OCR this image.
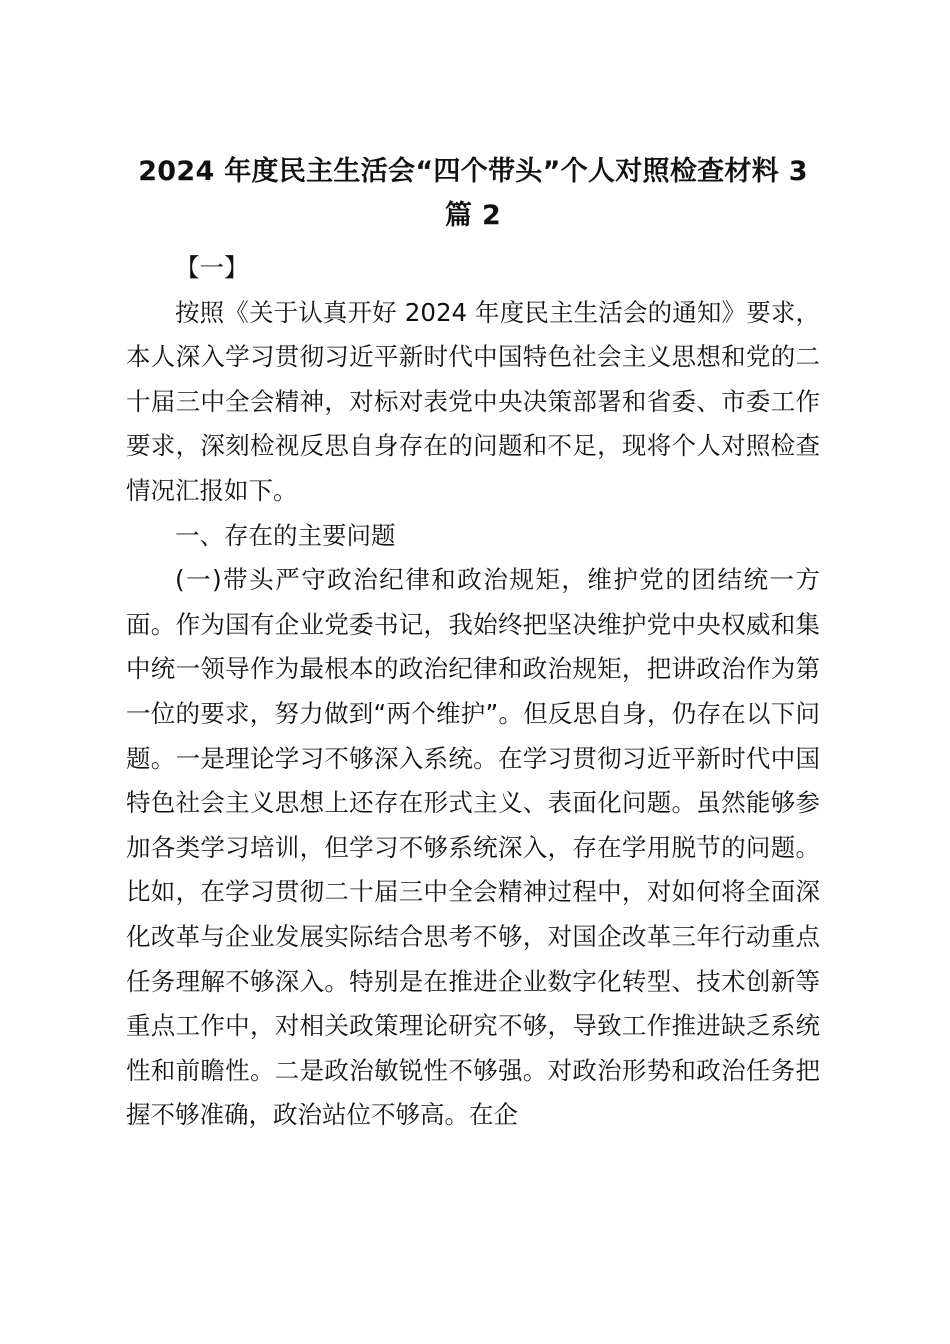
2024 年度民主生活会“四个带头”个人对照检查材料 3
篇 2

【一】

按照《关于认真开好 2024 年度民主生活会的通知》要求，本人深入学习贯彻习近平新时代中国特色社会主义思想和党的二十届三中全会精神，对标对表党中央决策部署和省委、市委工作要求，深刻检视反思自身存在的问题和不足，现将个人对照检查情况汇报如下。

一、存在的主要问题

(一)带头严守政治纪律和政治规矩，维护党的团结统一方面。作为国有企业党委书记，我始终把坚决维护党中央权威和集中统一领导作为最根本的政治纪律和政治规矩，把讲政治作为第一位的要求，努力做到“两个维护”。但反思自身，仍存在以下问题。一是理论学习不够深入系统。在学习贯彻习近平新时代中国特色社会主义思想上还存在形式主义、表面化问题。虽然能够参加各类学习培训，但学习不够系统深入，存在学用脱节的问题。比如，在学习贯彻二十届三中全会精神过程中，对如何将全面深化改革与企业发展实际结合思考不够，对国企改革三年行动重点任务理解不够深入。特别是在推进企业数字化转型、技术创新等重点工作中，对相关政策理论研究不够，导致工作推进缺乏系统性和前瞻性。二是政治敏锐性不够强。对政治形势和政治任务把握不够准确，政治站位不够高。在企
